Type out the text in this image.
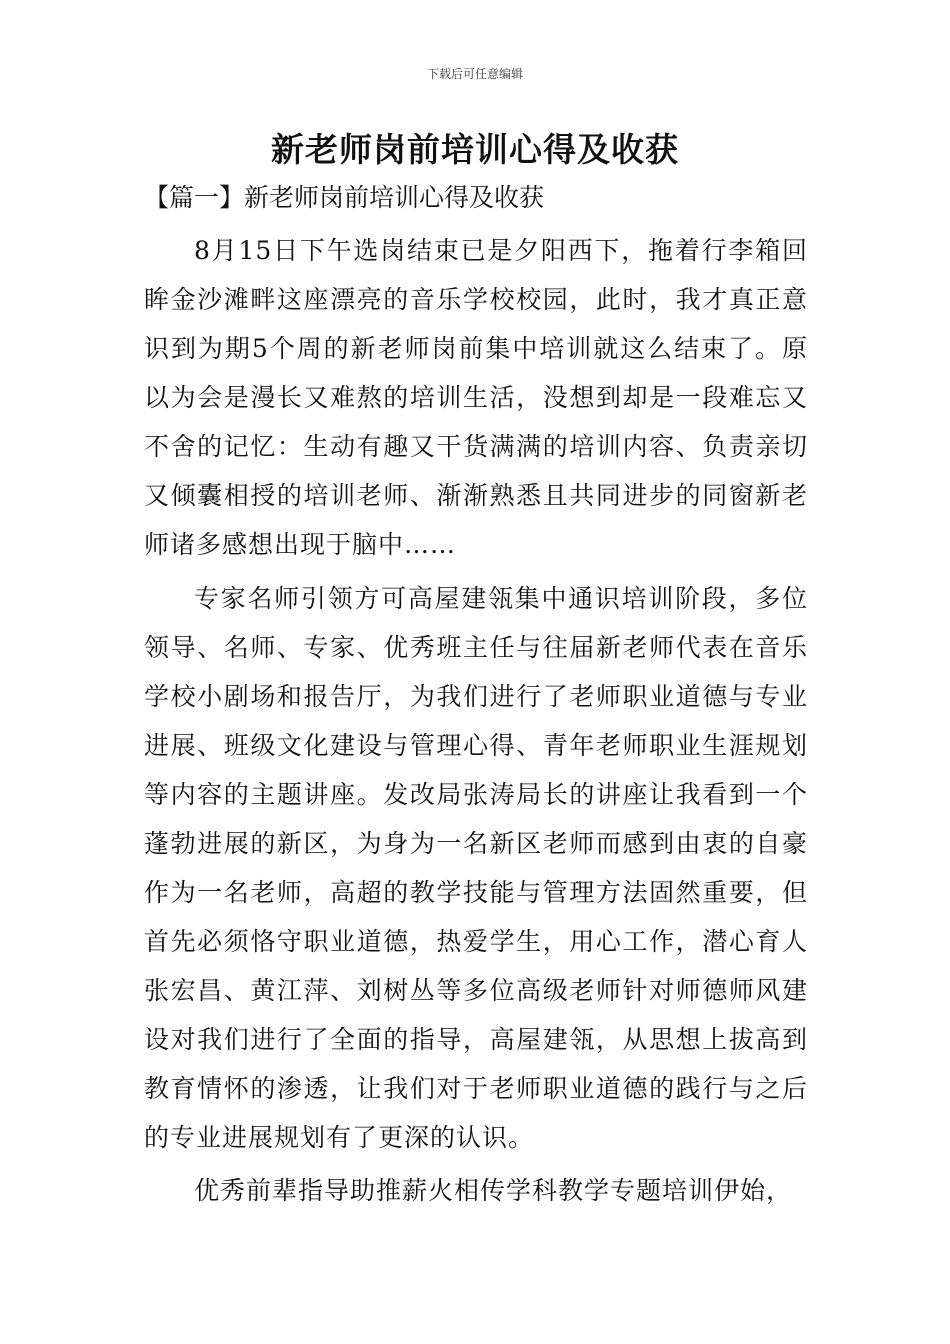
下载后可任意编辑
新老师岗前培训心得及收获
【篇一】新老师岗前培训心得及收获

8月15日下午选岗结束已是夕阳西下，拖着行李箱回眸金沙滩畔这座漂亮的音乐学校校园，此时，我才真正意识到为期5个周的新老师岗前集中培训就这么结束了。原以为会是漫长又难熬的培训生活，没想到却是一段难忘又不舍的记忆：生动有趣又干货满满的培训内容、负责亲切又倾囊相授的培训老师、渐渐熟悉且共同进步的同窗新老师诸多感想出现于脑中……

专家名师引领方可高屋建瓴集中通识培训阶段，多位领导、名师、专家、优秀班主任与往届新老师代表在音乐学校小剧场和报告厅，为我们进行了老师职业道德与专业进展、班级文化建设与管理心得、青年老师职业生涯规划等内容的主题讲座。发改局张涛局长的讲座让我看到一个蓬勃进展的新区，为身为一名新区老师而感到由衷的自豪作为一名老师，高超的教学技能与管理方法固然重要，但首先必须恪守职业道德，热爱学生，用心工作，潜心育人张宏昌、黄江萍、刘树丛等多位高级老师针对师德师风建设对我们进行了全面的指导，高屋建瓴，从思想上拔高到教育情怀的渗透，让我们对于老师职业道德的践行与之后的专业进展规划有了更深的认识。

优秀前辈指导助推薪火相传学科教学专题培训伊始，
